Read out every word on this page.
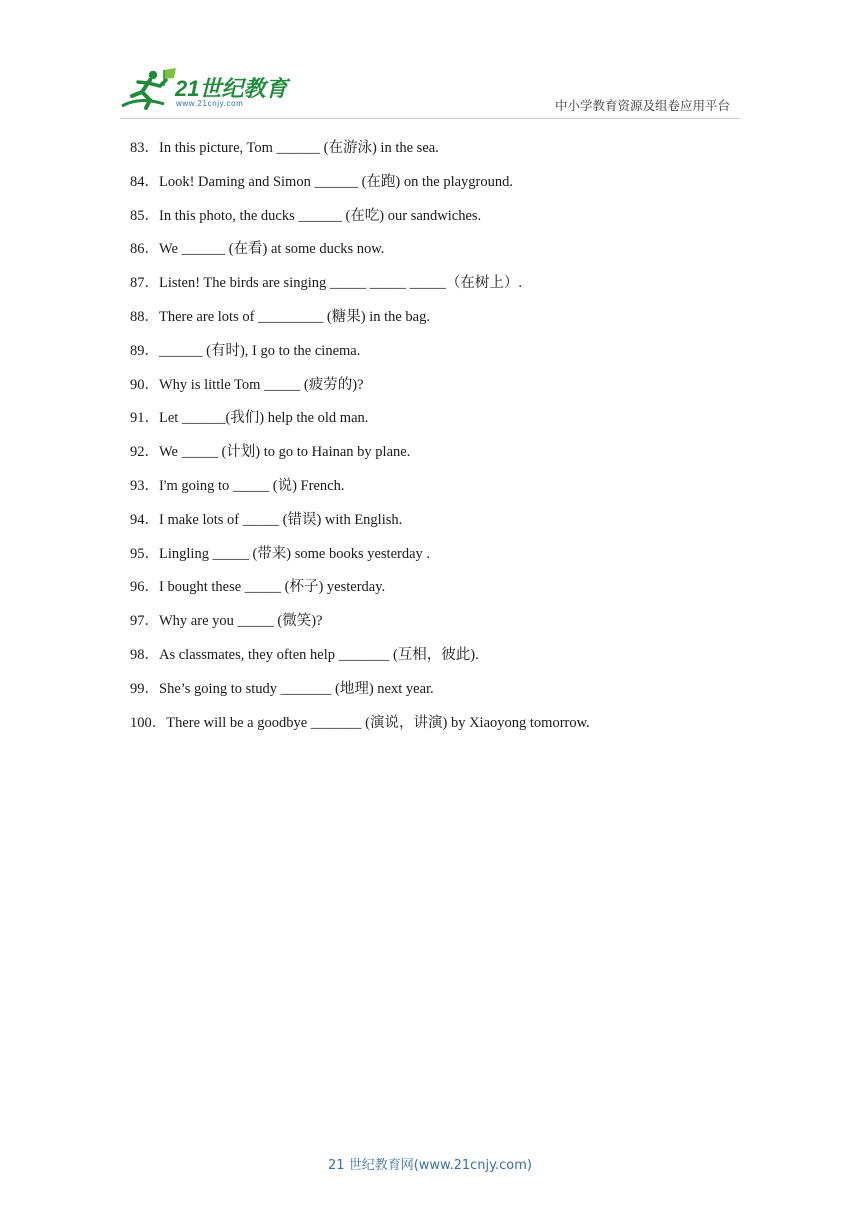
21世纪教育
www.21cnjy.com	中小学教育资源及组卷应用平台
83．In this picture, Tom ______ (在游泳) in the sea.
84．Look! Daming and Simon ______ (在跑) on the playground.
85．In this photo, the ducks ______ (在吃) our sandwiches.
86．We ______ (在看) at some ducks now.
87．Listen! The birds are singing _____ _____ _____（在树上）.
88．There are lots of _________ (糖果) in the bag.
89．______ (有时), I go to the cinema.
90．Why is little Tom _____ (疲劳的)?
91．Let ______(我们) help the old man.
92．We _____ (计划) to go to Hainan by plane.
93．I'm going to _____ (说) French.
94．I make lots of _____ (错误) with English.
95．Lingling _____ (带来) some books yesterday .
96．I bought these _____ (杯子) yesterday.
97．Why are you _____ (微笑)?
98．As classmates, they often help _______ (互相，彼此).
99．She’s going to study _______ (地理) next year.
100．There will be a goodbye _______ (演说，讲演) by Xiaoyong tomorrow.
21 世纪教育网(www.21cnjy.com)
